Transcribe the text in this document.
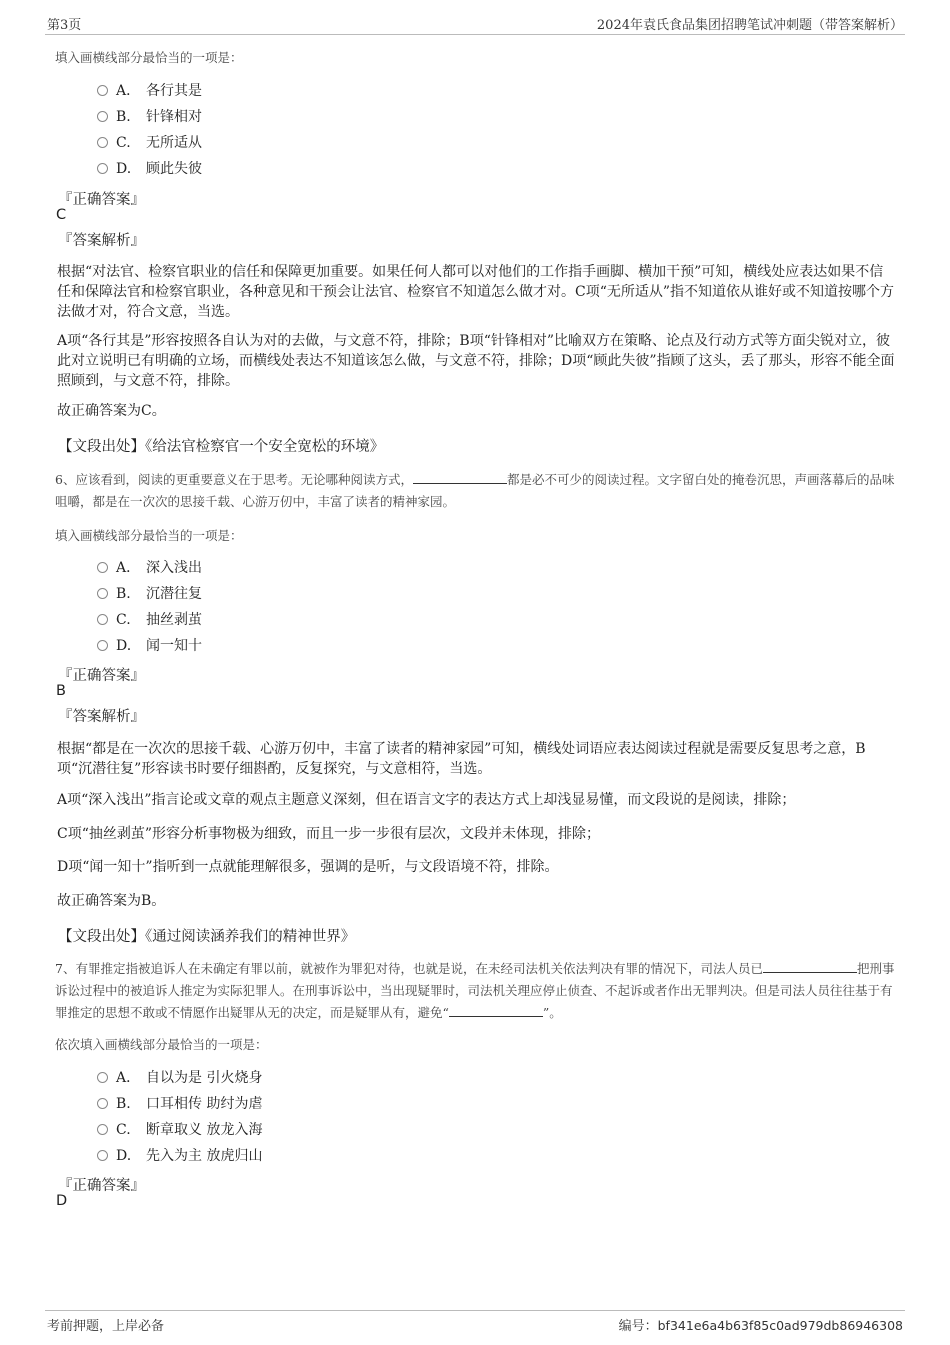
第3页	2024年袁氏食品集团招聘笔试冲刺题（带答案解析）
填入画横线部分最恰当的一项是：
A． 各行其是
B. 针锋相对
C. 无所适从
D. 顾此失彼
『正确答案』
C
『答案解析』
根据“对法官、检察官职业的信任和保障更加重要。如果任何人都可以对他们的工作指手画脚、横加干预”可知，横线处应表达如果不信任和保障法官和检察官职业，各种意见和干预会让法官、检察官不知道怎么做才对。C项“无所适从”指不知道依从谁好或不知道按哪个方法做才对，符合文意，当选。
A项“各行其是”形容按照各自认为对的去做，与文意不符，排除；B项“针锋相对”比喻双方在策略、论点及行动方式等方面尖锐对立，彼此对立说明已有明确的立场，而横线处表达不知道该怎么做，与文意不符，排除；D项“顾此失彼”指顾了这头，丢了那头，形容不能全面照顾到，与文意不符，排除。
故正确答案为C。
【文段出处】《给法官检察官一个安全宽松的环境》
6、应该看到，阅读的更重要意义在于思考。无论哪种阅读方式，	都是必不可少的阅读过程。文字留白处的掩卷沉思，声画落幕后的品味咀嚼，都是在一次次的思接千载、心游万仞中，丰富了读者的精神家园。
填入画横线部分最恰当的一项是：
A． 深入浅出
B. 沉潜往复
C. 抽丝剥茧
D. 闻一知十
『正确答案』
B
『答案解析』
根据“都是在一次次的思接千载、心游万仞中，丰富了读者的精神家园”可知，横线处词语应表达阅读过程就是需要反复思考之意，B项“沉潜往复”形容读书时要仔细斟酌，反复探究，与文意相符，当选。
A项“深入浅出”指言论或文章的观点主题意义深刻，但在语言文字的表达方式上却浅显易懂，而文段说的是阅读，排除；
C项“抽丝剥茧”形容分析事物极为细致，而且一步一步很有层次，文段并未体现，排除；
D项“闻一知十”指听到一点就能理解很多，强调的是听，与文段语境不符，排除。
故正确答案为B。
【文段出处】《通过阅读涵养我们的精神世界》
7、有罪推定指被追诉人在未确定有罪以前，就被作为罪犯对待，也就是说，在未经司法机关依法判决有罪的情况下，司法人员已	把刑事诉讼过程中的被追诉人推定为实际犯罪人。在刑事诉讼中，当出现疑罪时，司法机关理应停止侦查、不起诉或者作出无罪判决。但是司法人员往往基于有罪推定的思想不敢或不情愿作出疑罪从无的决定，而是疑罪从有，避免“	”。
依次填入画横线部分最恰当的一项是：
A． 自以为是 引火烧身
B. 口耳相传 助纣为虐
C. 断章取义 放龙入海
D. 先入为主 放虎归山
『正确答案』
D
考前押题，上岸必备	编号：bf341e6a4b63f85c0ad979db86946308
